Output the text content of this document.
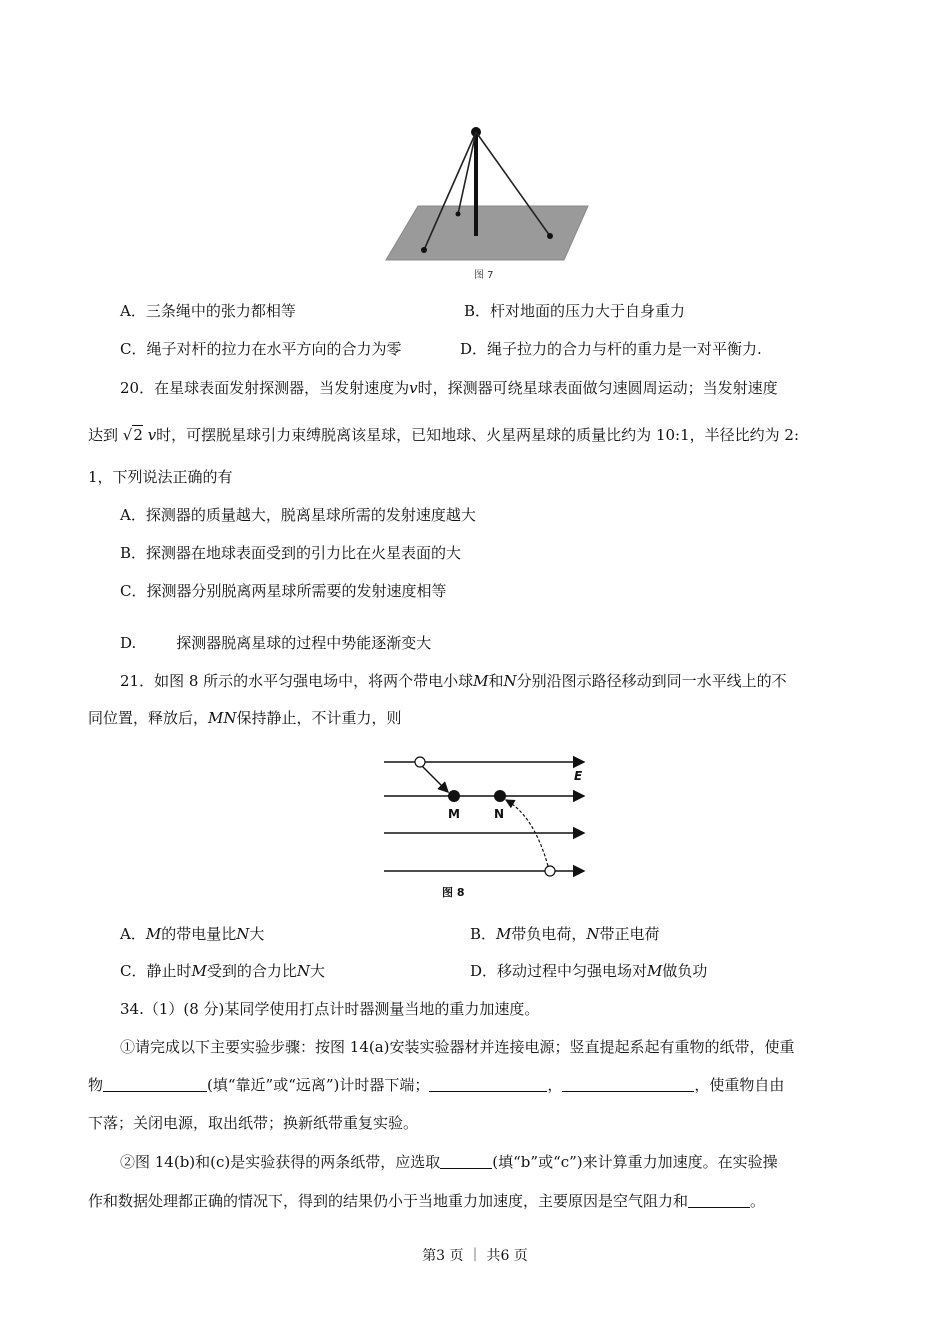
图 7
A．三条绳中的张力都相等	B．杆对地面的压力大于自身重力
C．绳子对杆的拉力在水平方向的合力为零	D．绳子拉力的合力与杆的重力是一对平衡力.
20．在星球表面发射探测器，当发射速度为v时，探测器可绕星球表面做匀速圆周运动；当发射速度
达到 √2 v时，可摆脱星球引力束缚脱离该星球，已知地球、火星两星球的质量比约为 10:1，半径比约为 2:
1，下列说法正确的有
A．探测器的质量越大，脱离星球所需的发射速度越大
B．探测器在地球表面受到的引力比在火星表面的大
C．探测器分别脱离两星球所需要的发射速度相等
D.	探测器脱离星球的过程中势能逐渐变大
21．如图 8 所示的水平匀强电场中，将两个带电小球M和N分别沿图示路径移动到同一水平线上的不
同位置，释放后，MN保持静止，不计重力，则
E
M	N
图 8
A．M的带电量比N大	B．M带负电荷，N带正电荷
C．静止时M受到的合力比N大	D．移动过程中匀强电场对M做负功
34.（1）(8 分)某同学使用打点计时器测量当地的重力加速度。
①请完成以下主要实验步骤：按图 14(a)安装实验器材并连接电源；竖直提起系起有重物的纸带，使重
物	(填“靠近”或“远离”)计时器下端；	，	，使重物自由
下落；关闭电源，取出纸带；换新纸带重复实验。
②图 14(b)和(c)是实验获得的两条纸带，应选取	(填“b”或“c”)来计算重力加速度。在实验操
作和数据处理都正确的情况下，得到的结果仍小于当地重力加速度，主要原因是空气阻力和	。
第3 页 ｜ 共6 页
